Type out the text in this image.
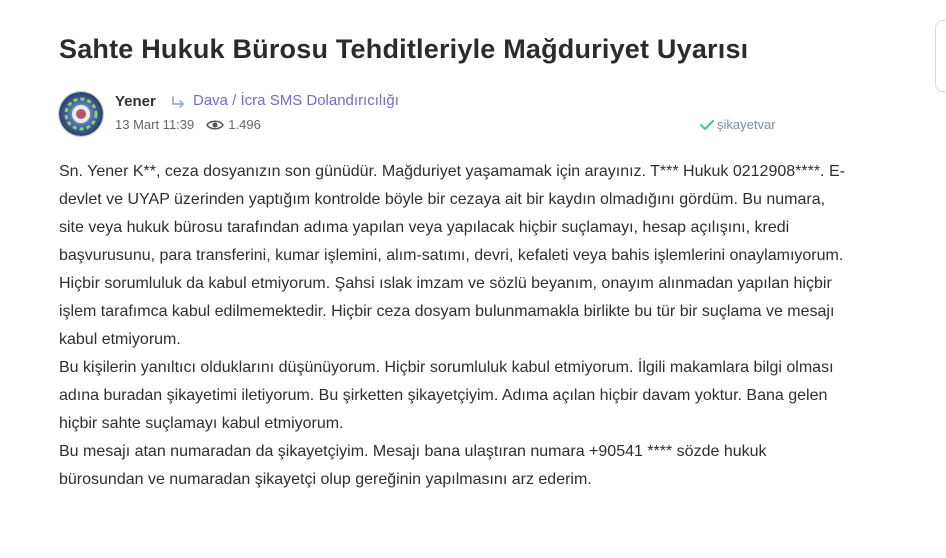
Sahte Hukuk Bürosu Tehditleriyle Mağduriyet Uyarısı
Yener Dava / İcra SMS Dolandırıcılığı
13 Mart 11:39	1.496	şikayetvar

Sn. Yener K**, ceza dosyanızın son günüdür. Mağduriyet yaşamamak için arayınız. T*** Hukuk 0212908****. E-devlet ve UYAP üzerinden yaptığım kontrolde böyle bir cezaya ait bir kaydın olmadığını gördüm. Bu numara, site veya hukuk bürosu tarafından adıma yapılan veya yapılacak hiçbir suçlamayı, hesap açılışını, kredi başvurusunu, para transferini, kumar işlemini, alım-satımı, devri, kefaleti veya bahis işlemlerini onaylamıyorum. Hiçbir sorumluluk da kabul etmiyorum. Şahsi ıslak imzam ve sözlü beyanım, onayım alınmadan yapılan hiçbir işlem tarafımca kabul edilmemektedir. Hiçbir ceza dosyam bulunmamakla birlikte bu tür bir suçlama ve mesajı kabul etmiyorum.

Bu kişilerin yanıltıcı olduklarını düşünüyorum. Hiçbir sorumluluk kabul etmiyorum. İlgili makamlara bilgi olması adına buradan şikayetimi iletiyorum. Bu şirketten şikayetçiyim. Adıma açılan hiçbir davam yoktur. Bana gelen hiçbir sahte suçlamayı kabul etmiyorum.

Bu mesajı atan numaradan da şikayetçiyim. Mesajı bana ulaştıran numara +90541 **** sözde hukuk bürosundan ve numaradan şikayetçi olup gereğinin yapılmasını arz ederim.
